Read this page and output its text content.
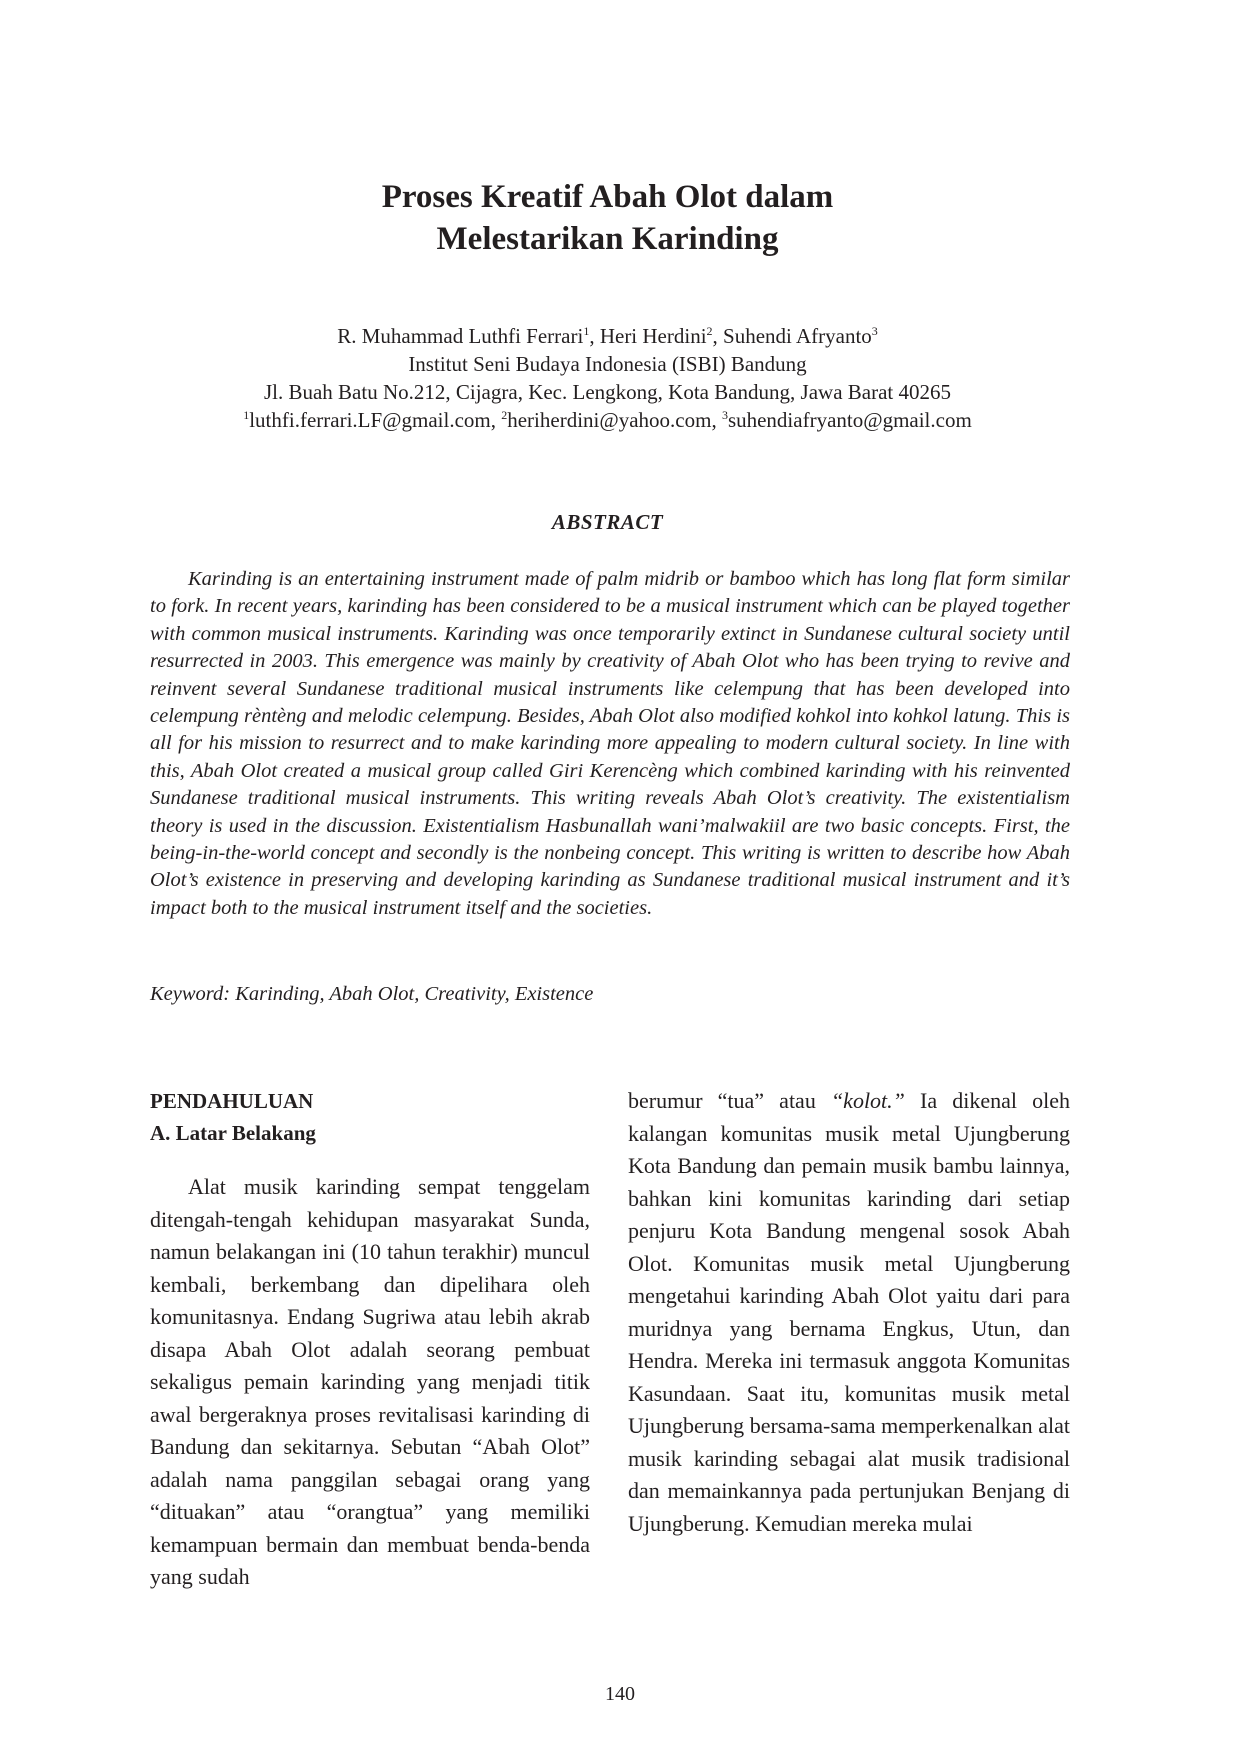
Proses Kreatif Abah Olot dalam
Melestarikan Karinding
R. Muhammad Luthfi Ferrari$^1$, Heri Herdini$^2$, Suhendi Afryanto$^3$
Institut Seni Budaya Indonesia (ISBI) Bandung
Jl. Buah Batu No.212, Cijagra, Kec. Lengkong, Kota Bandung, Jawa Barat 40265
$^1$luthfi.ferrari.LF@gmail.com, $^2$heriherdini@yahoo.com, $^3$suhendiafryanto@gmail.com
ABSTRACT

Karinding is an entertaining instrument made of palm midrib or bamboo which has long flat form similar to fork. In recent years, karinding has been considered to be a musical instrument which can be played together with common musical instruments. Karinding was once temporarily extinct in Sundanese cultural society until resurrected in 2003. This emergence was mainly by creativity of Abah Olot who has been trying to revive and reinvent several Sundanese traditional musical instruments like celempung that has been developed into celempung rèntèng and melodic celempung. Besides, Abah Olot also modified kohkol into kohkol latung. This is all for his mission to resurrect and to make karinding more appealing to modern cultural society. In line with this, Abah Olot created a musical group called Giri Kerencèng which combined karinding with his reinvented Sundanese traditional musical instruments. This writing reveals Abah Olot’s creativity. The existentialism theory is used in the discussion. Existentialism Hasbunallah wani’malwakiil are two basic concepts. First, the being-in-the-world concept and secondly is the nonbeing concept. This writing is written to describe how Abah Olot’s existence in preserving and developing karinding as Sundanese traditional musical instrument and it’s impact both to the musical instrument itself and the societies.

Keyword: Karinding, Abah Olot, Creativity, Existence
PENDAHULUAN
A. Latar Belakang

Alat musik karinding sempat tenggelam ditengah-tengah kehidupan masyarakat Sunda, namun belakangan ini (10 tahun terakhir) muncul kembali, berkembang dan dipelihara oleh komunitasnya. Endang Sugriwa atau lebih akrab disapa Abah Olot adalah seorang pembuat sekaligus pemain karinding yang menjadi titik awal bergeraknya proses revitalisasi karinding di Bandung dan sekitarnya. Sebutan “Abah Olot” adalah nama panggilan sebagai orang yang “dituakan” atau “orangtua” yang memiliki kemampuan bermain dan membuat benda-benda yang sudah

berumur “tua” atau “kolot.” Ia dikenal oleh kalangan komunitas musik metal Ujungberung Kota Bandung dan pemain musik bambu lainnya, bahkan kini komunitas karinding dari setiap penjuru Kota Bandung mengenal sosok Abah Olot. Komunitas musik metal Ujungberung mengetahui karinding Abah Olot yaitu dari para muridnya yang bernama Engkus, Utun, dan Hendra. Mereka ini termasuk anggota Komunitas Kasundaan. Saat itu, komunitas musik metal Ujungberung bersama-sama memperkenalkan alat musik karinding sebagai alat musik tradisional dan memainkannya pada pertunjukan Benjang di Ujungberung. Kemudian mereka mulai

140
